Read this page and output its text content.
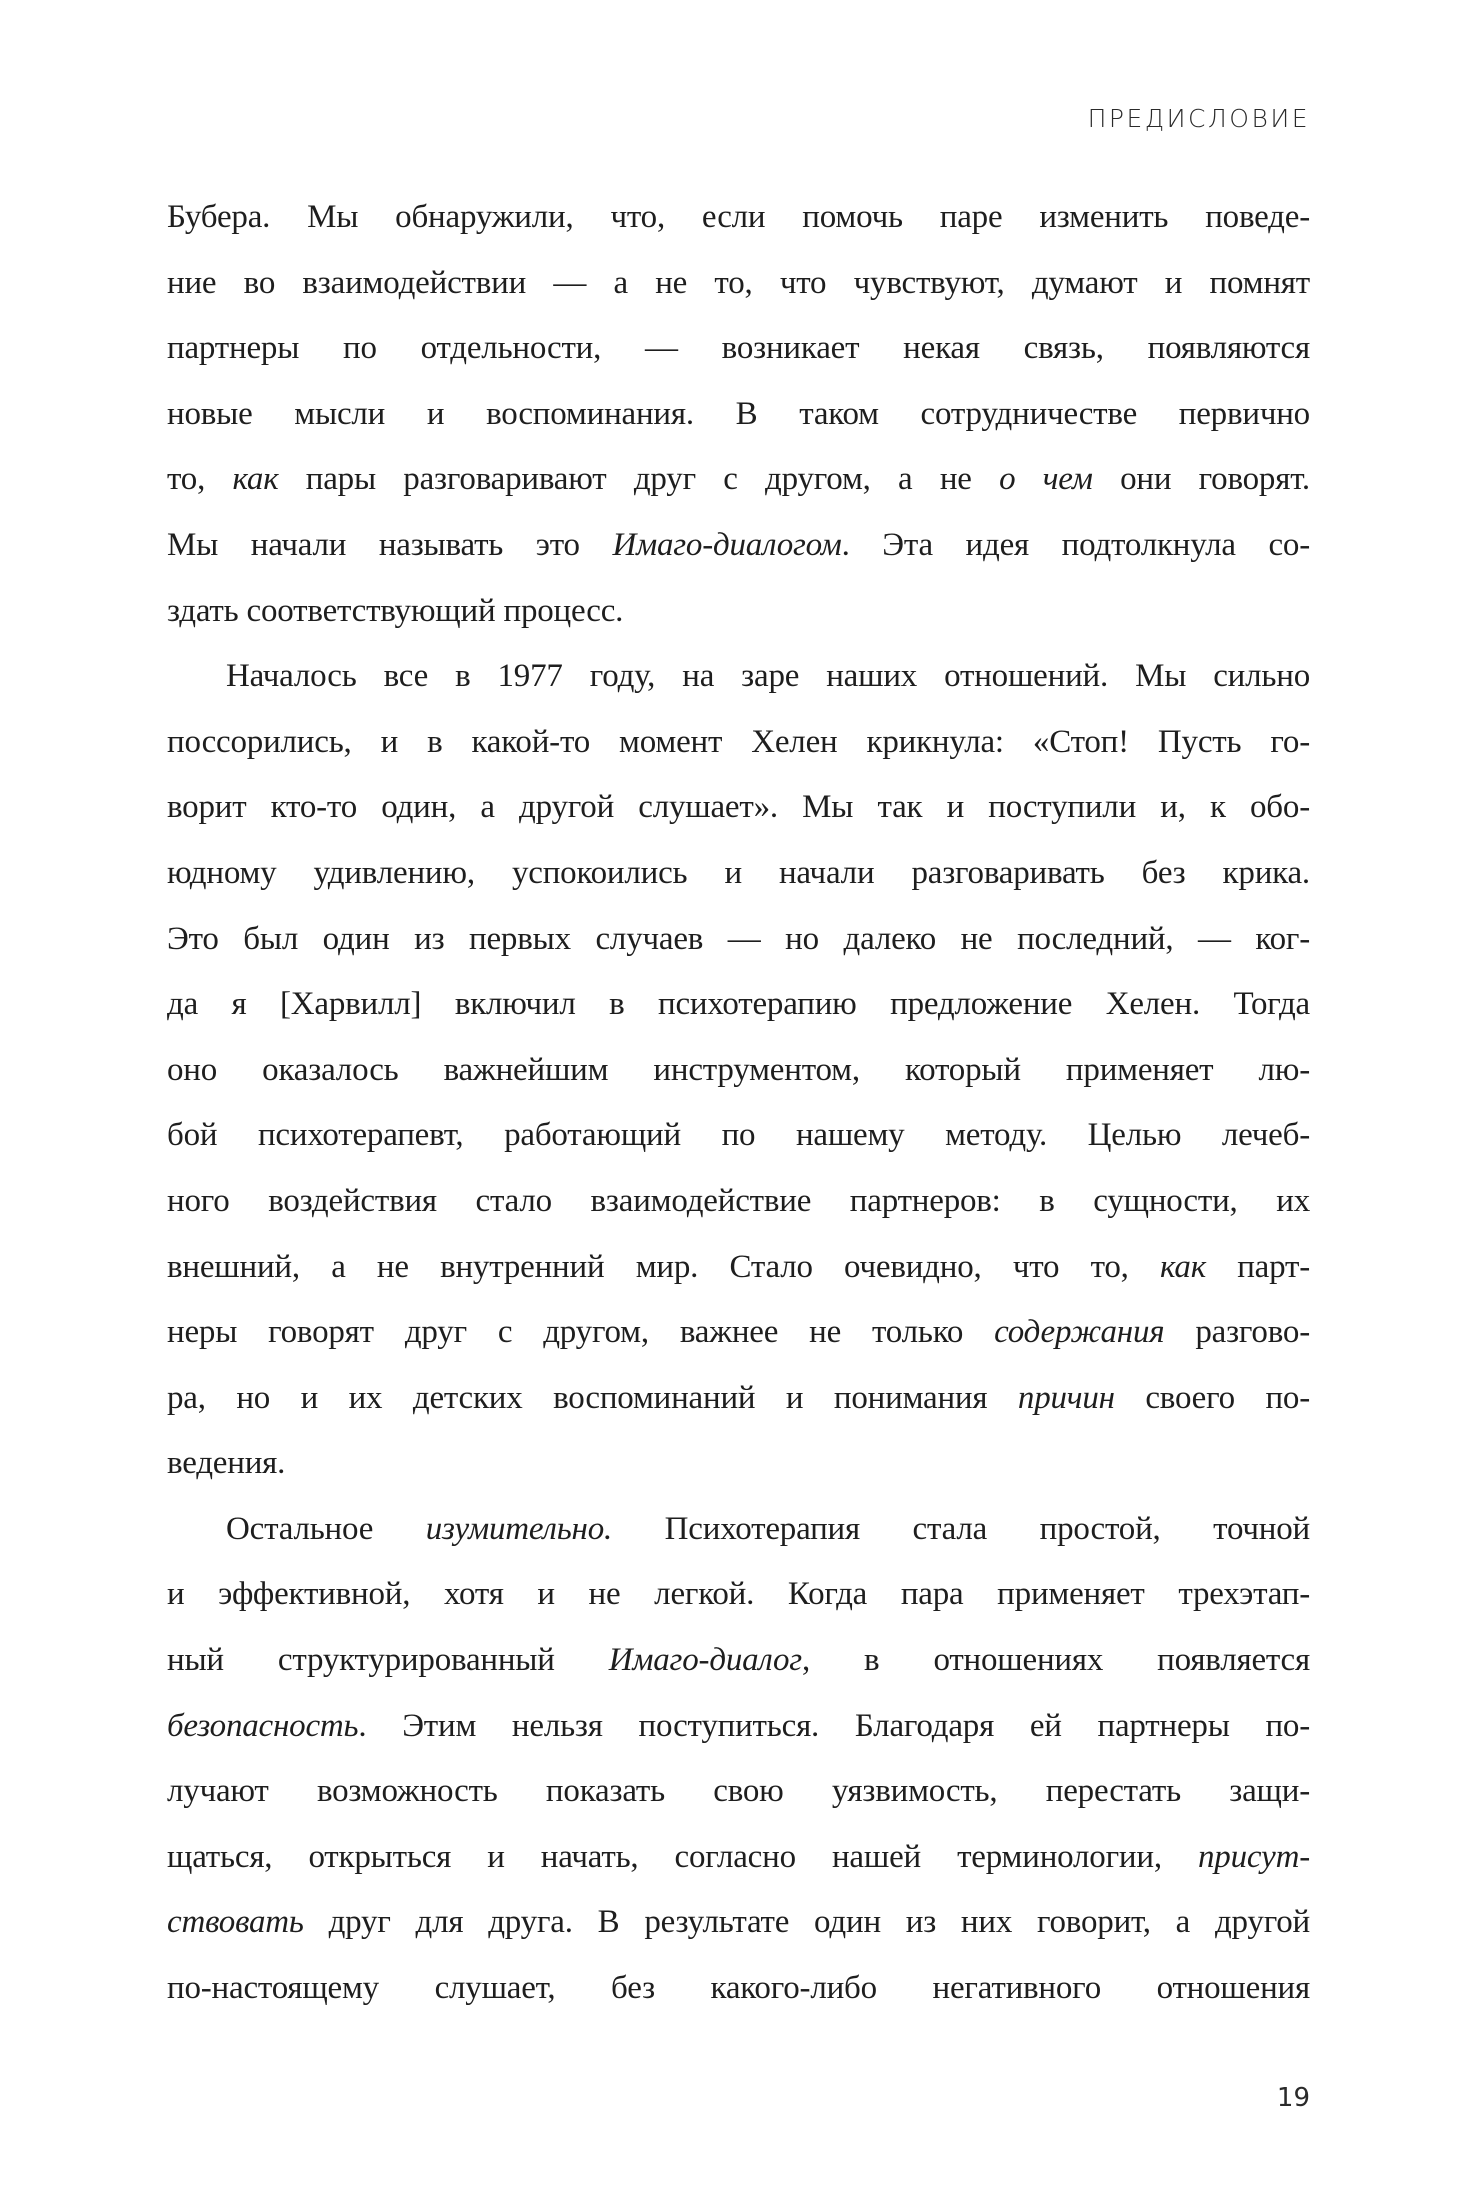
ПРЕДИСЛОВИЕ
Бубера. Мы обнаружили, что, если помочь паре изменить поведе-
ние во взаимодействии — а не то, что чувствуют, думают и помнят
партнеры по отдельности, — возникает некая связь, появляются
новые мысли и воспоминания. В таком сотрудничестве первично
то, как пары разговаривают друг с другом, а не о чем они говорят.
Мы начали называть это Имаго-диалогом. Эта идея подтолкнула со-
здать соответствующий процесс.
Началось все в 1977 году, на заре наших отношений. Мы сильно
поссорились, и в какой-то момент Хелен крикнула: «Стоп! Пусть го-
ворит кто-то один, а другой слушает». Мы так и поступили и, к обо-
юдному удивлению, успокоились и начали разговаривать без крика.
Это был один из первых случаев — но далеко не последний, — ког-
да я [Харвилл] включил в психотерапию предложение Хелен. Тогда
оно оказалось важнейшим инструментом, который применяет лю-
бой психотерапевт, работающий по нашему методу. Целью лечеб-
ного воздействия стало взаимодействие партнеров: в сущности, их
внешний, а не внутренний мир. Стало очевидно, что то, как парт-
неры говорят друг с другом, важнее не только содержания разгово-
ра, но и их детских воспоминаний и понимания причин своего по-
ведения.
Остальное изумительно. Психотерапия стала простой, точной
и эффективной, хотя и не легкой. Когда пара применяет трехэтап-
ный структурированный Имаго-диалог, в отношениях появляется
безопасность. Этим нельзя поступиться. Благодаря ей партнеры по-
лучают возможность показать свою уязвимость, перестать защи-
щаться, открыться и начать, согласно нашей терминологии, присут-
ствовать друг для друга. В результате один из них говорит, а другой
по-настоящему слушает, без какого-либо негативного отношения
19
